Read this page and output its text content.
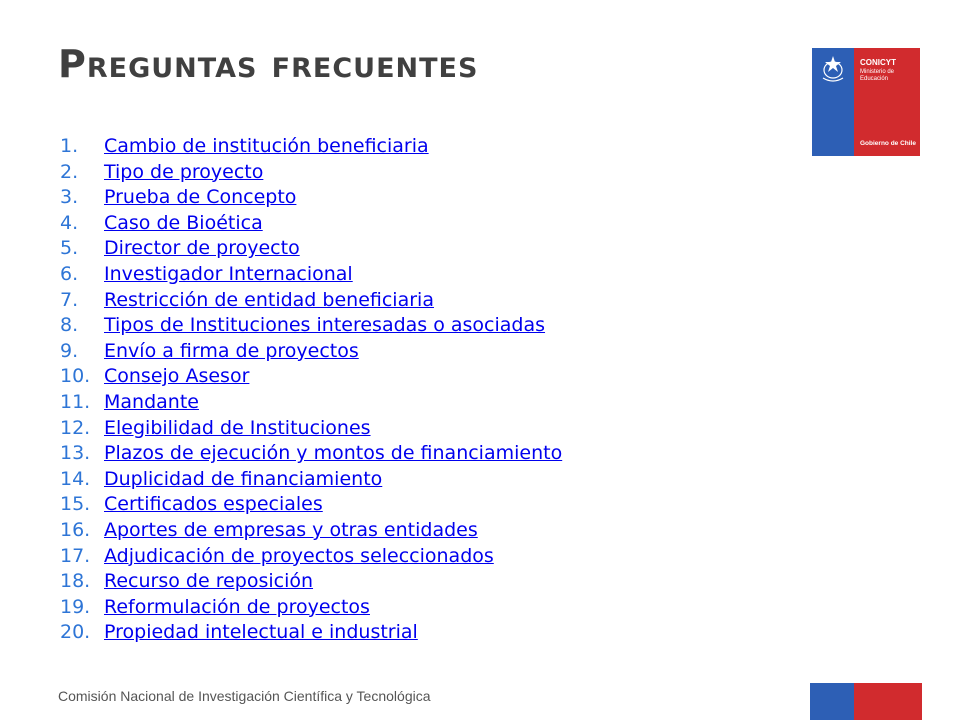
Preguntas frecuentes
1. Cambio de institución beneficiaria
2. Tipo de proyecto
3. Prueba de Concepto
4. Caso de Bioética
5. Director de proyecto
6. Investigador Internacional
7. Restricción de entidad beneficiaria
8. Tipos de Instituciones interesadas o asociadas
9. Envío a firma de proyectos
10. Consejo Asesor
11. Mandante
12. Elegibilidad de Instituciones
13. Plazos de ejecución y montos de financiamiento
14. Duplicidad de financiamiento
15. Certificados especiales
16. Aportes de empresas y otras entidades
17. Adjudicación de proyectos seleccionados
18. Recurso de reposición
19. Reformulación de proyectos
20. Propiedad intelectual e industrial
CONICYT
Ministerio de Educación
Gobierno de Chile
Comisión Nacional de Investigación Científica y Tecnológica
